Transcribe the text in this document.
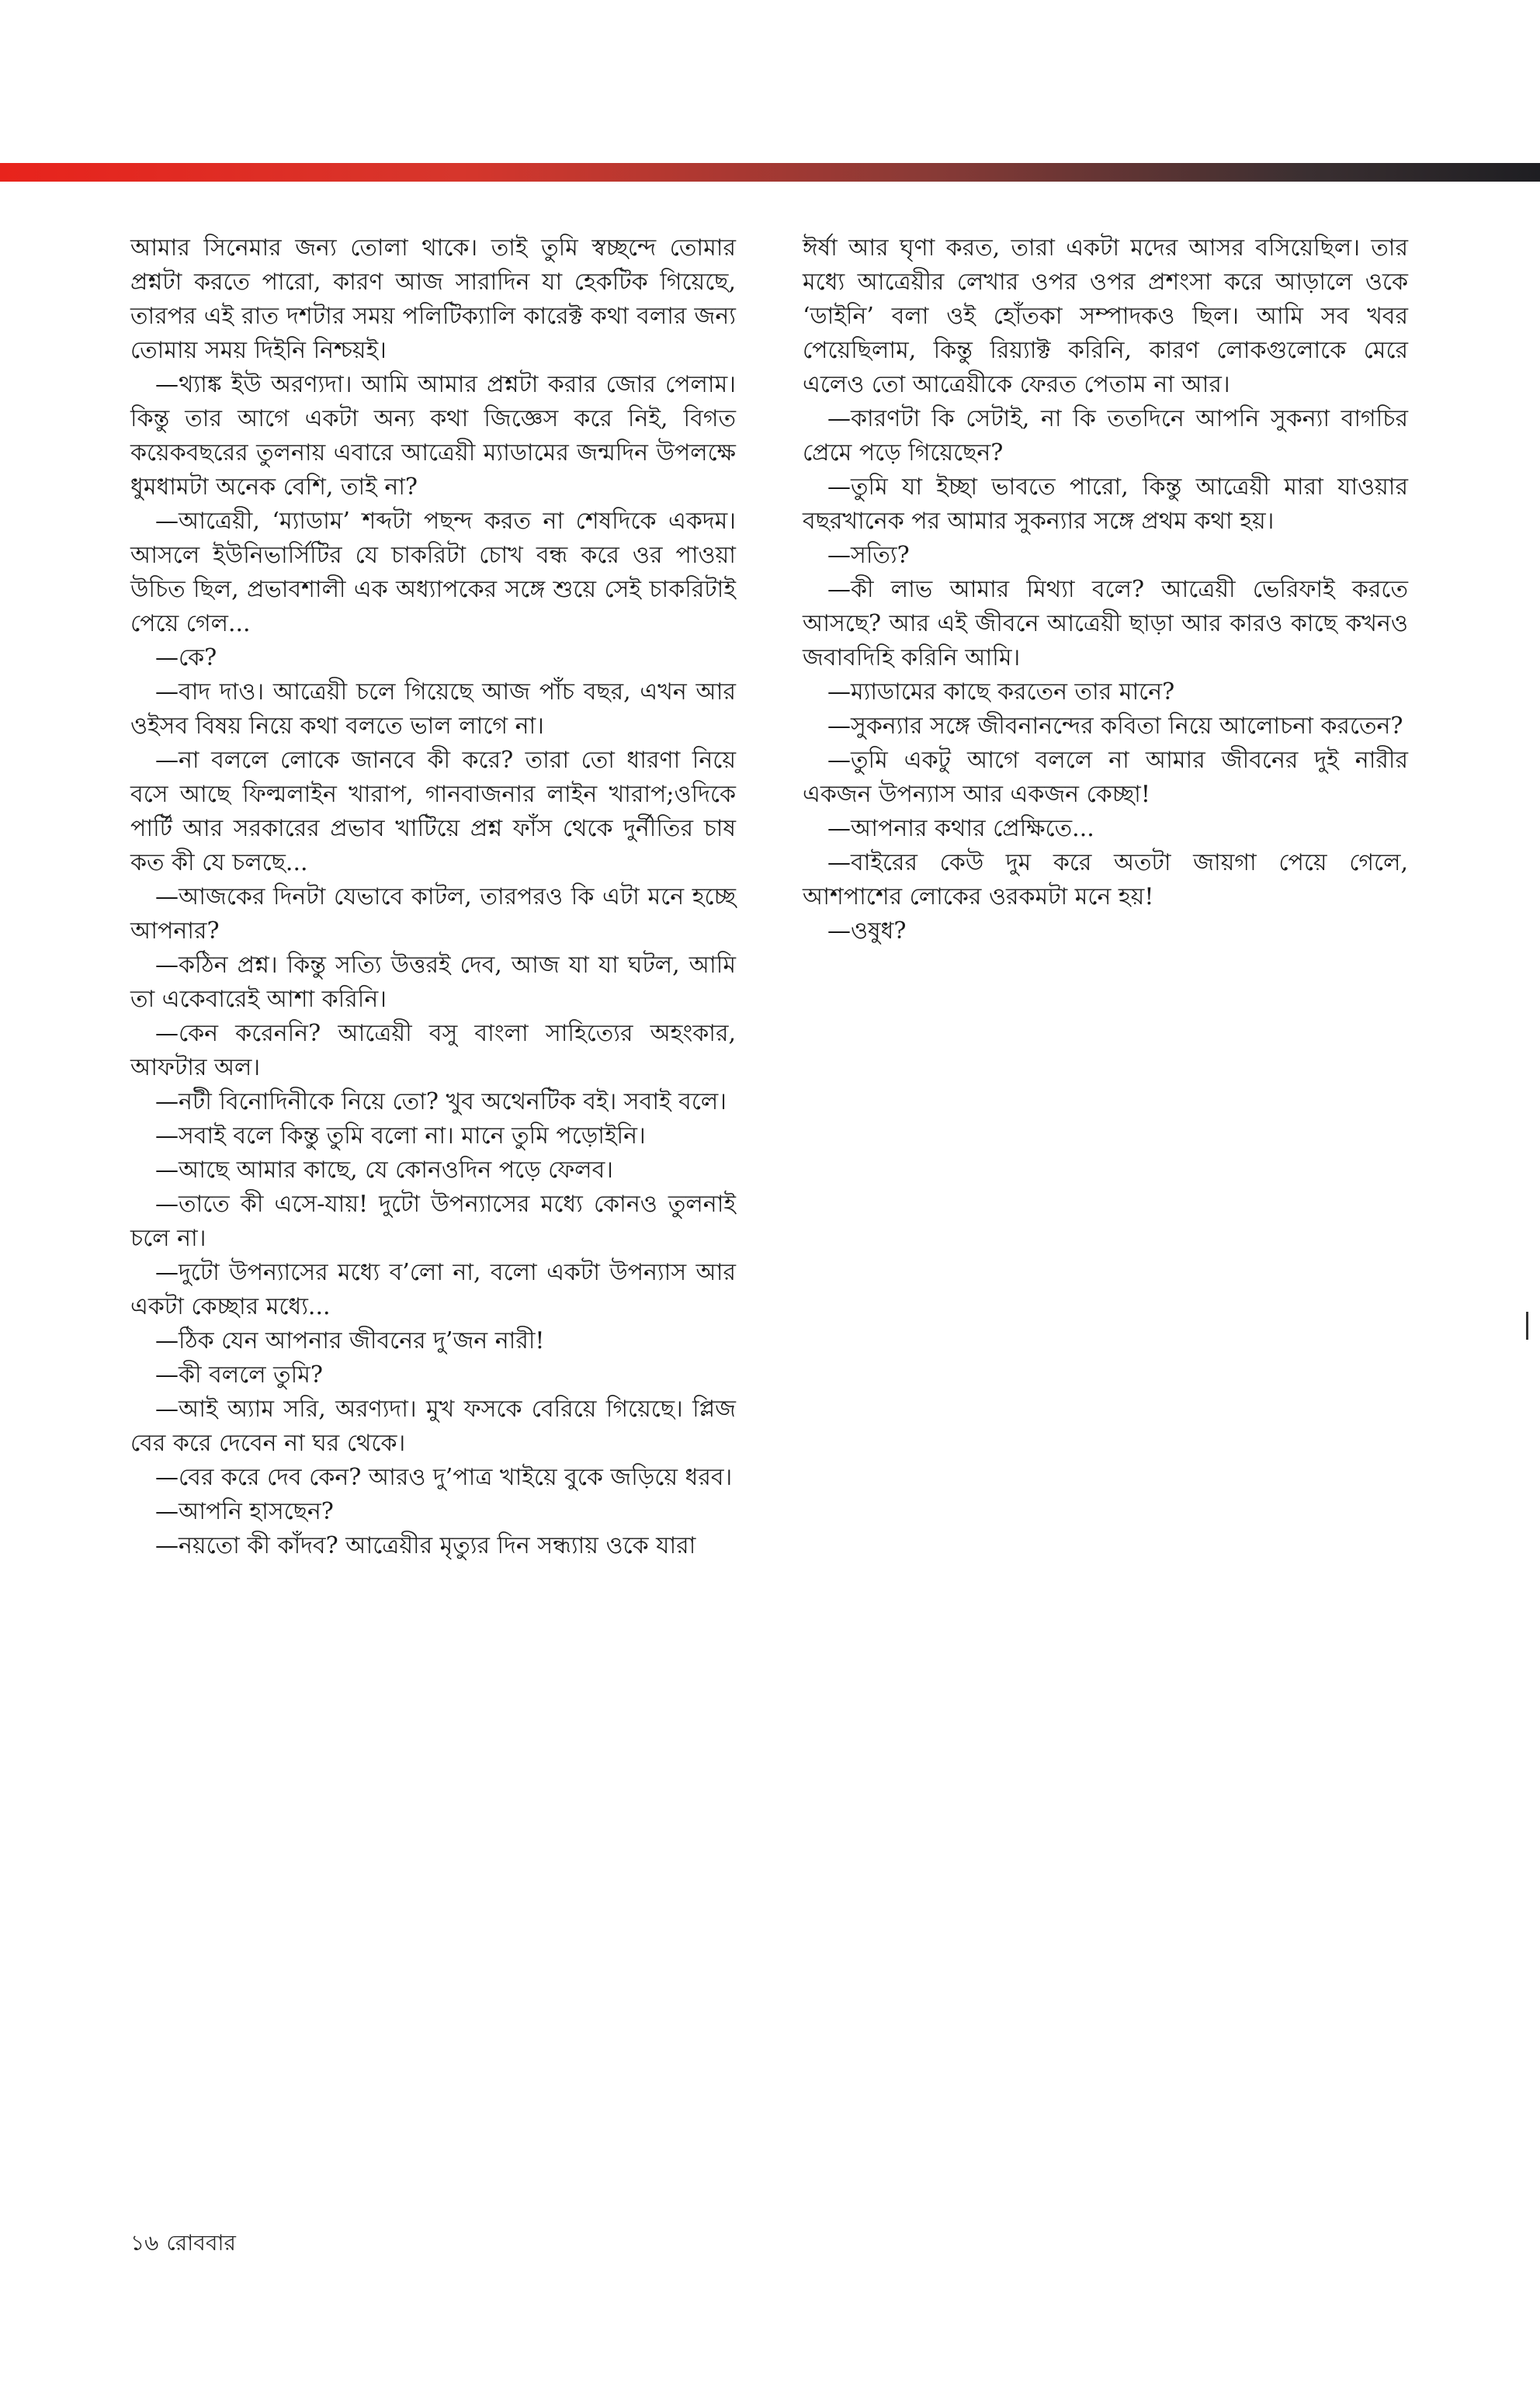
আমার সিনেমার জন্য তোলা থাকে। তাই তুমি স্বচ্ছন্দে তোমার প্রশ্নটা করতে পারো, কারণ আজ সারাদিন যা হেকটিক গিয়েছে, তারপর এই রাত দশটার সময় পলিটিক্যালি কারেক্ট কথা বলার জন্য তোমায় সময় দিইনি নিশ্চয়ই।

—থ্যাঙ্ক ইউ অরণ্যদা। আমি আমার প্রশ্নটা করার জোর পেলাম। কিন্তু তার আগে একটা অন্য কথা জিজ্ঞেস করে নিই, বিগত কয়েকবছরের তুলনায় এবারে আত্রেয়ী ম্যাডামের জন্মদিন উপলক্ষে ধুমধামটা অনেক বেশি, তাই না?

—আত্রেয়ী, ‘ম্যাডাম’ শব্দটা পছন্দ করত না শেষদিকে একদম। আসলে ইউনিভার্সিটির যে চাকরিটা চোখ বন্ধ করে ওর পাওয়া উচিত ছিল, প্রভাবশালী এক অধ্যাপকের সঙ্গে শুয়ে সেই চাকরিটাই পেয়ে গেল...

—কে?

—বাদ দাও। আত্রেয়ী চলে গিয়েছে আজ পাঁচ বছর, এখন আর ওইসব বিষয় নিয়ে কথা বলতে ভাল লাগে না।

—না বললে লোকে জানবে কী করে? তারা তো ধারণা নিয়ে বসে আছে ফিল্মলাইন খারাপ, গানবাজনার লাইন খারাপ;ওদিকে পার্টি আর সরকারের প্রভাব খাটিয়ে প্রশ্ন ফাঁস থেকে দুর্নীতির চাষ কত কী যে চলছে...

—আজকের দিনটা যেভাবে কাটল, তারপরও কি এটা মনে হচ্ছে আপনার?

—কঠিন প্রশ্ন। কিন্তু সত্যি উত্তরই দেব, আজ যা যা ঘটল, আমি তা একেবারেই আশা করিনি।

—কেন করেননি? আত্রেয়ী বসু বাংলা সাহিত্যের অহংকার, আফটার অল।

—নটী বিনোদিনীকে নিয়ে তো? খুব অথেনটিক বই। সবাই বলে।

—সবাই বলে কিন্তু তুমি বলো না। মানে তুমি পড়োইনি।

—আছে আমার কাছে, যে কোনওদিন পড়ে ফেলব।

—তাতে কী এসে-যায়! দুটো উপন্যাসের মধ্যে কোনও তুলনাই চলে না।

—দুটো উপন্যাসের মধ্যে ব’লো না, বলো একটা উপন্যাস আর একটা কেচ্ছার মধ্যে...

—ঠিক যেন আপনার জীবনের দু’জন নারী!

—কী বললে তুমি?

—আই অ্যাম সরি, অরণ্যদা। মুখ ফসকে বেরিয়ে গিয়েছে। প্লিজ বের করে দেবেন না ঘর থেকে।

—বের করে দেব কেন? আরও দু’পাত্র খাইয়ে বুকে জড়িয়ে ধরব।

—আপনি হাসছেন?

—নয়তো কী কাঁদব? আত্রেয়ীর মৃত্যুর দিন সন্ধ্যায় ওকে যারা

ঈর্ষা আর ঘৃণা করত, তারা একটা মদের আসর বসিয়েছিল। তার মধ্যে আত্রেয়ীর লেখার ওপর ওপর প্রশংসা করে আড়ালে ওকে ‘ডাইনি’ বলা ওই হোঁতকা সম্পাদকও ছিল। আমি সব খবর পেয়েছিলাম, কিন্তু রিয়্যাক্ট করিনি, কারণ লোকগুলোকে মেরে এলেও তো আত্রেয়ীকে ফেরত পেতাম না আর।

—কারণটা কি সেটাই, না কি ততদিনে আপনি সুকন্যা বাগচির প্রেমে পড়ে গিয়েছেন?

—তুমি যা ইচ্ছা ভাবতে পারো, কিন্তু আত্রেয়ী মারা যাওয়ার বছরখানেক পর আমার সুকন্যার সঙ্গে প্রথম কথা হয়।

—সত্যি?

—কী লাভ আমার মিথ্যা বলে? আত্রেয়ী ভেরিফাই করতে আসছে? আর এই জীবনে আত্রেয়ী ছাড়া আর কারও কাছে কখনও জবাবদিহি করিনি আমি।

—ম্যাডামের কাছে করতেন তার মানে?

—সুকন্যার সঙ্গে জীবনানন্দের কবিতা নিয়ে আলোচনা করতেন?

—তুমি একটু আগে বললে না আমার জীবনের দুই নারীর একজন উপন্যাস আর একজন কেচ্ছা!

—আপনার কথার প্রেক্ষিতে...

—বাইরের কেউ দুম করে অতটা জায়গা পেয়ে গেলে, আশপাশের লোকের ওরকমটা মনে হয়!

—ওষুধ?

১৬ রোববার
